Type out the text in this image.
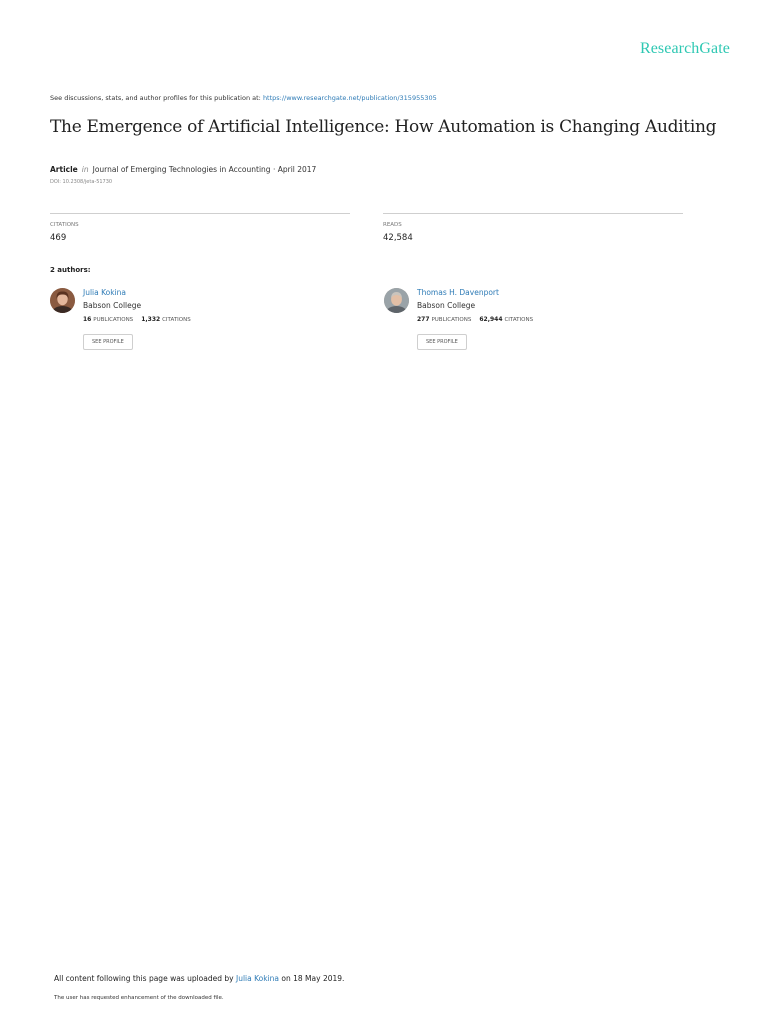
ResearchGate
See discussions, stats, and author profiles for this publication at: https://www.researchgate.net/publication/315955305
The Emergence of Artificial Intelligence: How Automation is Changing Auditing
Article in Journal of Emerging Technologies in Accounting · April 2017
DOI: 10.2308/jeta-51730
CITATIONS
469
READS
42,584
2 authors:
Julia Kokina
Babson College
16 PUBLICATIONS 1,332 CITATIONS
SEE PROFILE
Thomas H. Davenport
Babson College
277 PUBLICATIONS 62,944 CITATIONS
SEE PROFILE
All content following this page was uploaded by Julia Kokina on 18 May 2019.
The user has requested enhancement of the downloaded file.
